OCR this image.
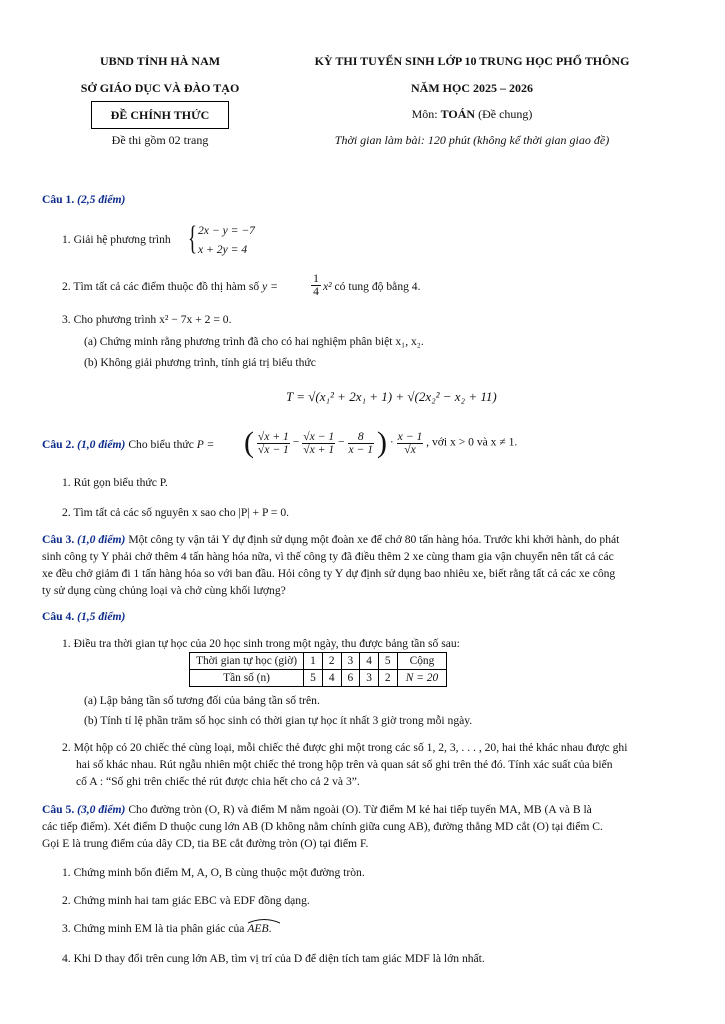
UBND TỈNH HÀ NAM
SỞ GIÁO DỤC VÀ ĐÀO TẠO
ĐỀ CHÍNH THỨC
Đề thi gồm 02 trang
KỲ THI TUYỂN SINH LỚP 10 TRUNG HỌC PHỔ THÔNG
NĂM HỌC 2025 – 2026
Môn: TOÁN (Đề chung)
Thời gian làm bài: 120 phút (không kể thời gian giao đề)
Câu 1. (2,5 điểm)
1. Giải hệ phương trình { 2x − y = −7
x + 2y = 4
2. Tìm tất cả các điểm thuộc đồ thị hàm số y =	$\frac{1}{4} x^2$ có tung độ bằng 4.
3. Cho phương trình x² − 7x + 2 = 0.
(a) Chứng minh rằng phương trình đã cho có hai nghiệm phân biệt x₁, x₂.
(b) Không giải phương trình, tính giá trị biểu thức
T = √(x₁² + 2x₁ + 1) + √(2x₂² − x₂ + 11)
Câu 2. (1,0 điểm) Cho biểu thức P = ( $\frac{√x + 1}{√x - 1} - \frac{√x - 1}{√x + 1} - \frac{8}{x - 1}$ ) · $\frac{x - 1}{√x}$ , với x > 0 và x ≠ 1.
1. Rút gọn biểu thức P.
2. Tìm tất cả các số nguyên x sao cho |P| + P = 0.
Câu 3. (1,0 điểm) Một công ty vận tải Y dự định sử dụng một đoàn xe để chở 80 tấn hàng hóa. Trước khi khởi hành, do phát
sinh công ty Y phải chở thêm 4 tấn hàng hóa nữa, vì thế công ty đã điều thêm 2 xe cùng tham gia vận chuyển nên tất cả các
xe đều chở giảm đi 1 tấn hàng hóa so với ban đầu. Hỏi công ty Y dự định sử dụng bao nhiêu xe, biết rằng tất cả các xe công
ty sử dụng cùng chủng loại và chở cùng khối lượng?
Câu 4. (1,5 điểm)
1. Điều tra thời gian tự học của 20 học sinh trong một ngày, thu được bảng tần số sau:
Thời gian tự học (giờ)	1	2	3	4	5	Cộng
Tần số (n)	5	4	6	3	2	N = 20
(a) Lập bảng tần số tương đối của bảng tần số trên.
(b) Tính tỉ lệ phần trăm số học sinh có thời gian tự học ít nhất 3 giờ trong mỗi ngày.
2. Một hộp có 20 chiếc thẻ cùng loại, mỗi chiếc thẻ được ghi một trong các số 1, 2, 3, . . . , 20, hai thẻ khác nhau được ghi
hai số khác nhau. Rút ngẫu nhiên một chiếc thẻ trong hộp trên và quan sát số ghi trên thẻ đó. Tính xác suất của biến
cố A : “Số ghi trên chiếc thẻ rút được chia hết cho cả 2 và 3”.
Câu 5. (3,0 điểm) Cho đường tròn (O, R) và điểm M nằm ngoài (O). Từ điểm M kẻ hai tiếp tuyến MA, MB (A và B là
các tiếp điểm). Xét điểm D thuộc cung lớn AB (D không nằm chính giữa cung AB), đường thẳng MD cắt (O) tại điểm C.
Gọi E là trung điểm của dây CD, tia BE cắt đường tròn (O) tại điểm F.
1. Chứng minh bốn điểm M, A, O, B cùng thuộc một đường tròn.
2. Chứng minh hai tam giác EBC và EDF đồng dạng.
3. Chứng minh EM là tia phân giác của AEB.
4. Khi D thay đổi trên cung lớn AB, tìm vị trí của D để diện tích tam giác MDF là lớn nhất.
